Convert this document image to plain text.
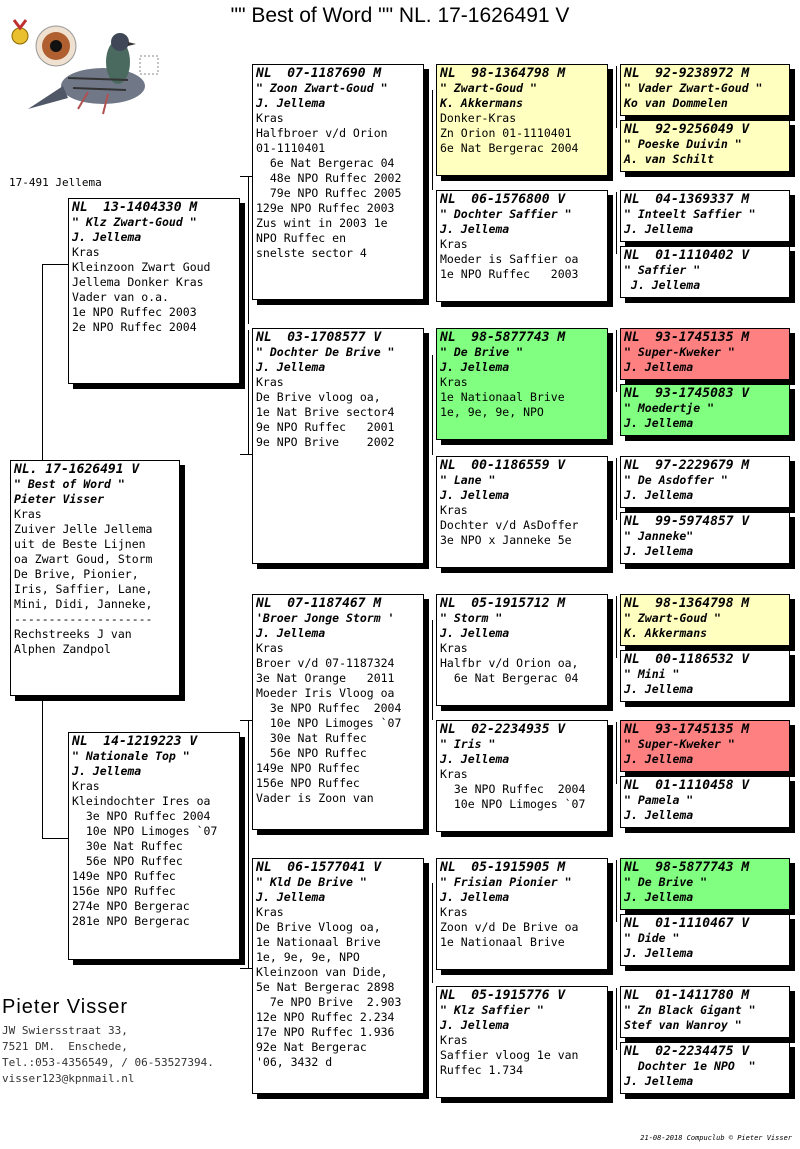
"" Best of Word "" NL. 17-1626491 V
17-491 Jellema
NL. 17-1626491 V
" Best of Word "
Pieter Visser
Kras
Zuiver Jelle Jellema
uit de Beste Lijnen
oa Zwart Goud, Storm
De Brive, Pionier,
Iris, Saffier, Lane,
Mini, Didi, Janneke,
--------------------
Rechstreeks J van
Alphen Zandpol
NL  13-1404330 M
" Klz Zwart-Goud "
J. Jellema
Kras
Kleinzoon Zwart Goud
Jellema Donker Kras
Vader van o.a.
1e NPO Ruffec 2003
2e NPO Ruffec 2004
NL  14-1219223 V
" Nationale Top "
J. Jellema
Kras
Kleindochter Ires oa
3e NPO Ruffec 2004
10e NPO Limoges `07
30e Nat Ruffec
56e NPO Ruffec
149e NPO Ruffec
156e NPO Ruffec
274e NPO Bergerac
281e NPO Bergerac
NL  07-1187690 M
" Zoon Zwart-Goud "
J. Jellema
Kras
Halfbroer v/d Orion
01-1110401
6e Nat Bergerac 04
48e NPO Ruffec 2002
79e NPO Ruffec 2005
129e NPO Ruffec 2003
Zus wint in 2003 1e
NPO Ruffec en
snelste sector 4
NL  03-1708577 V
" Dochter De Brive "
J. Jellema
Kras
De Brive vloog oa,
1e Nat Brive sector4
9e NPO Ruffec   2001
9e NPO Brive    2002
NL  07-1187467 M
'Broer Jonge Storm '
J. Jellema
Kras
Broer v/d 07-1187324
3e Nat Orange   2011
Moeder Iris Vloog oa
3e NPO Ruffec  2004
10e NPO Limoges `07
30e Nat Ruffec
56e NPO Ruffec
149e NPO Ruffec
156e NPO Ruffec
Vader is Zoon van
NL  06-1577041 V
" Kld De Brive "
J. Jellema
Kras
De Brive Vloog oa,
1e Nationaal Brive
1e, 9e, 9e, NPO
Kleinzoon van Dide,
5e Nat Bergerac 2898
7e NPO Brive  2.903
12e NPO Ruffec 2.234
17e NPO Ruffec 1.936
92e Nat Bergerac
'06, 3432 d
NL  98-1364798 M
" Zwart-Goud "
K. Akkermans
Donker-Kras
Zn Orion 01-1110401
6e Nat Bergerac 2004
NL  06-1576800 V
" Dochter Saffier "
J. Jellema
Kras
Moeder is Saffier oa
1e NPO Ruffec   2003
NL  98-5877743 M
" De Brive "
J. Jellema
Kras
1e Nationaal Brive
1e, 9e, 9e, NPO
NL  00-1186559 V
" Lane "
J. Jellema
Kras
Dochter v/d AsDoffer
3e NPO x Janneke 5e
NL  05-1915712 M
" Storm "
J. Jellema
Kras
Halfbr v/d Orion oa,
6e Nat Bergerac 04
NL  02-2234935 V
" Iris "
J. Jellema
Kras
3e NPO Ruffec  2004
10e NPO Limoges `07
NL  05-1915905 M
" Frisian Pionier "
J. Jellema
Kras
Zoon v/d De Brive oa
1e Nationaal Brive
NL  05-1915776 V
" Klz Saffier "
J. Jellema
Kras
Saffier vloog 1e van
Ruffec 1.734
NL  92-9238972 M
" Vader Zwart-Goud "
Ko van Dommelen
NL  92-9256049 V
" Poeske Duivin "
A. van Schilt
NL  04-1369337 M
" Inteelt Saffier "
J. Jellema
NL  01-1110402 V
" Saffier "
J. Jellema
NL  93-1745135 M
" Super-Kweker "
J. Jellema
NL  93-1745083 V
" Moedertje "
J. Jellema
NL  97-2229679 M
" De Asdoffer "
J. Jellema
NL  99-5974857 V
" Janneke"
J. Jellema
NL  98-1364798 M
" Zwart-Goud "
K. Akkermans
NL  00-1186532 V
" Mini "
J. Jellema
NL  93-1745135 M
" Super-Kweker "
J. Jellema
NL  01-1110458 V
" Pamela "
J. Jellema
NL  98-5877743 M
" De Brive "
J. Jellema
NL  01-1110467 V
" Dide "
J. Jellema
NL  01-1411780 M
" Zn Black Gigant "
Stef van Wanroy "
NL  02-2234475 V
Dochter 1e NPO  "
J. Jellema
Pieter Visser
JW Swiersstraat 33,
7521 DM.  Enschede,
Tel.:053-4356549, / 06-53527394.
visser123@kpnmail.nl
21-08-2018 Compuclub © Pieter Visser
